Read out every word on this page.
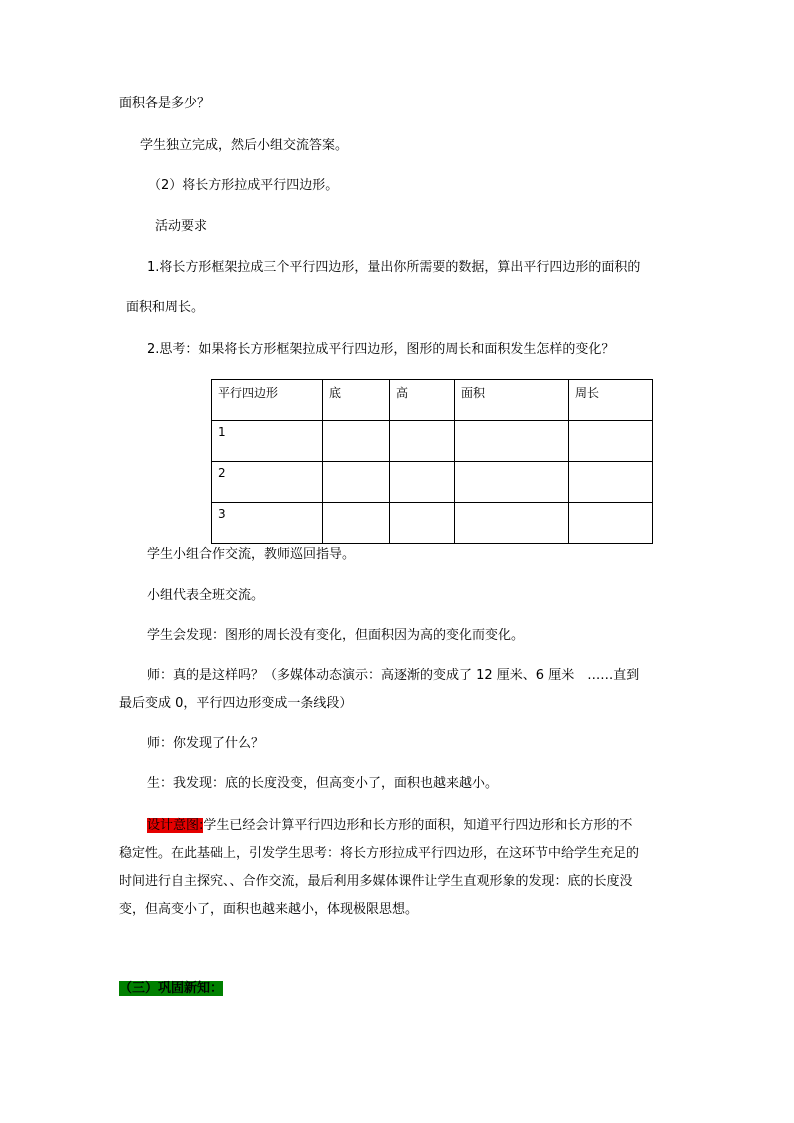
面积各是多少？

学生独立完成，然后小组交流答案。

（2）将长方形拉成平行四边形。

活动要求

1.将长方形框架拉成三个平行四边形，量出你所需要的数据，算出平行四边形的面积的

面积和周长。

2.思考：如果将长方形框架拉成平行四边形，图形的周长和面积发生怎样的变化？

平行四边形	底	高	面积	周长
1				
2				
3				

学生小组合作交流，教师巡回指导。

小组代表全班交流。

学生会发现：图形的周长没有变化，但面积因为高的变化而变化。

师：真的是这样吗？（多媒体动态演示：高逐渐的变成了 12 厘米、6 厘米　……直到

最后变成 0，平行四边形变成一条线段）

师：你发现了什么？

生：我发现：底的长度没变，但高变小了，面积也越来越小。

设计意图:学生已经会计算平行四边形和长方形的面积，知道平行四边形和长方形的不

稳定性。在此基础上，引发学生思考：将长方形拉成平行四边形，在这环节中给学生充足的

时间进行自主探究、、合作交流，最后利用多媒体课件让学生直观形象的发现：底的长度没

变，但高变小了，面积也越来越小，体现极限思想。

（三）巩固新知：
